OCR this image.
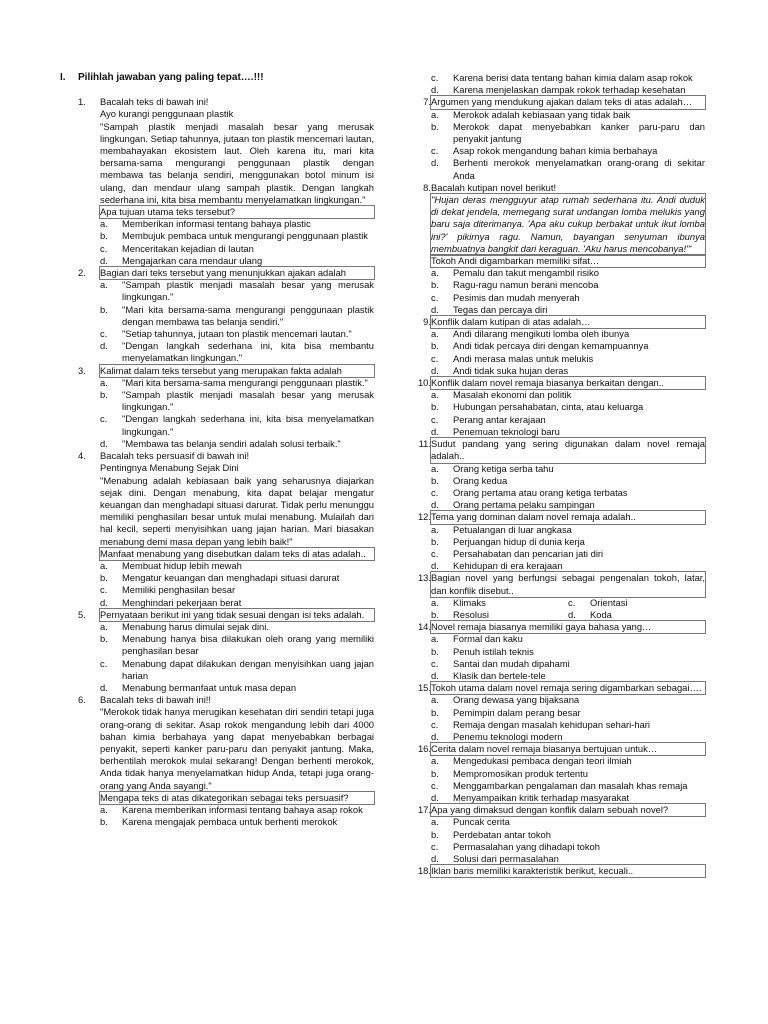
I.	Pilihlah jawaban yang paling tepat….!!!
1.	Bacalah teks di bawah ini!
Ayo kurangi penggunaan plastik
"Sampah plastik menjadi masalah besar yang merusak lingkungan. Setiap tahunnya, jutaan ton plastik mencemari lautan, membahayakan ekosistem laut. Oleh karena itu, mari kita bersama-sama mengurangi penggunaan plastik dengan membawa tas belanja sendiri, menggunakan botol minum isi ulang, dan mendaur ulang sampah plastik. Dengan langkah sederhana ini, kita bisa membantu menyelamatkan lingkungan."
Apa tujuan utama teks tersebut?
a.	Memberikan informasi tentang bahaya plastic
b.	Membujuk pembaca untuk mengurangi penggunaan plastik
c.	Menceritakan kejadian di lautan
d.	Mengajarkan cara mendaur ulang
2.	Bagian dari teks tersebut yang menunjukkan ajakan adalah
a.	"Sampah plastik menjadi masalah besar yang merusak lingkungan."
b.	"Mari kita bersama-sama mengurangi penggunaan plastik dengan membawa tas belanja sendiri."
c.	"Setiap tahunnya, jutaan ton plastik mencemari lautan."
d.	"Dengan langkah sederhana ini, kita bisa membantu menyelamatkan lingkungan."
3.	Kalimat dalam teks tersebut yang merupakan fakta adalah
a.	"Mari kita bersama-sama mengurangi penggunaan plastik."
b.	"Sampah plastik menjadi masalah besar yang merusak lingkungan."
c.	"Dengan langkah sederhana ini, kita bisa menyelamatkan lingkungan."
d.	"Membawa tas belanja sendiri adalah solusi terbaik."
4.	Bacalah teks persuasif di bawah ini!
Pentingnya Menabung Sejak Dini
"Menabung adalah kebiasaan baik yang seharusnya diajarkan sejak dini. Dengan menabung, kita dapat belajar mengatur keuangan dan menghadapi situasi darurat. Tidak perlu menunggu memiliki penghasilan besar untuk mulai menabung. Mulailah dari hal kecil, seperti menyisihkan uang jajan harian. Mari biasakan menabung demi masa depan yang lebih baik!"
Manfaat menabung yang disebutkan dalam teks di atas adalah..
a.	Membuat hidup lebih mewah
b.	Mengatur keuangan dan menghadapi situasi darurat
c.	Memiliki penghasilan besar
d.	Menghindari pekerjaan berat
5.	Pernyataan berikut ini yang tidak sesuai dengan isi teks adalah.
a.	Menabung harus dimulai sejak dini.
b.	Menabung hanya bisa dilakukan oleh orang yang memiliki penghasilan besar
c.	Menabung dapat dilakukan dengan menyisihkan uang jajan harian
d.	Menabung bermanfaat untuk masa depan
6.	Bacalah teks di bawah ini!!
"Merokok tidak hanya merugikan kesehatan diri sendiri tetapi juga orang-orang di sekitar. Asap rokok mengandung lebih dari 4000 bahan kimia berbahaya yang dapat menyebabkan berbagai penyakit, seperti kanker paru-paru dan penyakit jantung. Maka, berhentilah merokok mulai sekarang! Dengan berhenti merokok, Anda tidak hanya menyelamatkan hidup Anda, tetapi juga orang-orang yang Anda sayangi."
Mengapa teks di atas dikategorikan sebagai teks persuasif?
a.	Karena memberikan informasi tentang bahaya asap rokok
b.	Karena mengajak pembaca untuk berhenti merokok
c.	Karena berisi data tentang bahan kimia dalam asap rokok
d.	Karena menjelaskan dampak rokok terhadap kesehatan
7. Argumen yang mendukung ajakan dalam teks di atas adalah…
a.	Merokok adalah kebiasaan yang tidak baik
b.	Merokok dapat menyebabkan kanker paru-paru dan penyakit jantung
c.	Asap rokok mengandung bahan kimia berbahaya
d.	Berhenti merokok menyelamatkan orang-orang di sekitar Anda
8. Bacalah kutipan novel berikut!
"Hujan deras mengguyur atap rumah sederhana itu. Andi duduk di dekat jendela, memegang surat undangan lomba melukis yang baru saja diterimanya. 'Apa aku cukup berbakat untuk ikut lomba ini?' pikirnya ragu. Namun, bayangan senyuman ibunya membuatnya bangkit dari keraguan. 'Aku harus mencobanya!'"
Tokoh Andi digambarkan memiliki sifat…
a.	Pemalu dan takut mengambil risiko
b.	Ragu-ragu namun berani mencoba
c.	Pesimis dan mudah menyerah
d.	Tegas dan percaya diri
9. Konflik dalam kutipan di atas adalah…
a.	Andi dilarang mengikuti lomba oleh ibunya
b.	Andi tidak percaya diri dengan kemampuannya
c.	Andi merasa malas untuk melukis
d.	Andi tidak suka hujan deras
10. Konflik dalam novel remaja biasanya berkaitan dengan..
a.	Masalah ekonomi dan politik
b.	Hubungan persahabatan, cinta, atau keluarga
c.	Perang antar kerajaan
d.	Penemuan teknologi baru
11. Sudut pandang yang sering digunakan dalam novel remaja adalah..
a.	Orang ketiga serba tahu
b.	Orang kedua
c.	Orang pertama atau orang ketiga terbatas
d.	Orang pertama pelaku sampingan
12. Tema yang dominan dalam novel remaja adalah..
a.	Petualangan di luar angkasa
b.	Perjuangan hidup di dunia kerja
c.	Persahabatan dan pencarian jati diri
d.	Kehidupan di era kerajaan
13. Bagian novel yang berfungsi sebagai pengenalan tokoh, latar, dan konflik disebut..
a.	Klimaks	c.	Orientasi
b.	Resolusi	d.	Koda
14. Novel remaja biasanya memiliki gaya bahasa yang…
a.	Formal dan kaku
b.	Penuh istilah teknis
c.	Santai dan mudah dipahami
d.	Klasik dan bertele-tele
15. Tokoh utama dalam novel remaja sering digambarkan sebagai….
a.	Orang dewasa yang bijaksana
b.	Pemimpin dalam perang besar
c.	Remaja dengan masalah kehidupan sehari-hari
d.	Penemu teknologi modern
16. Cerita dalam novel remaja biasanya bertujuan untuk…
a.	Mengedukasi pembaca dengan teori ilmiah
b.	Mempromosikan produk tertentu
c.	Menggambarkan pengalaman dan masalah khas remaja
d.	Menyampaikan kritik terhadap masyarakat
17. Apa yang dimaksud dengan konflik dalam sebuah novel?
a.	Puncak cerita
b.	Perdebatan antar tokoh
c.	Permasalahan yang dihadapi tokoh
d.	Solusi dari permasalahan
18. Iklan baris memiliki karakteristik berikut, kecuali..
